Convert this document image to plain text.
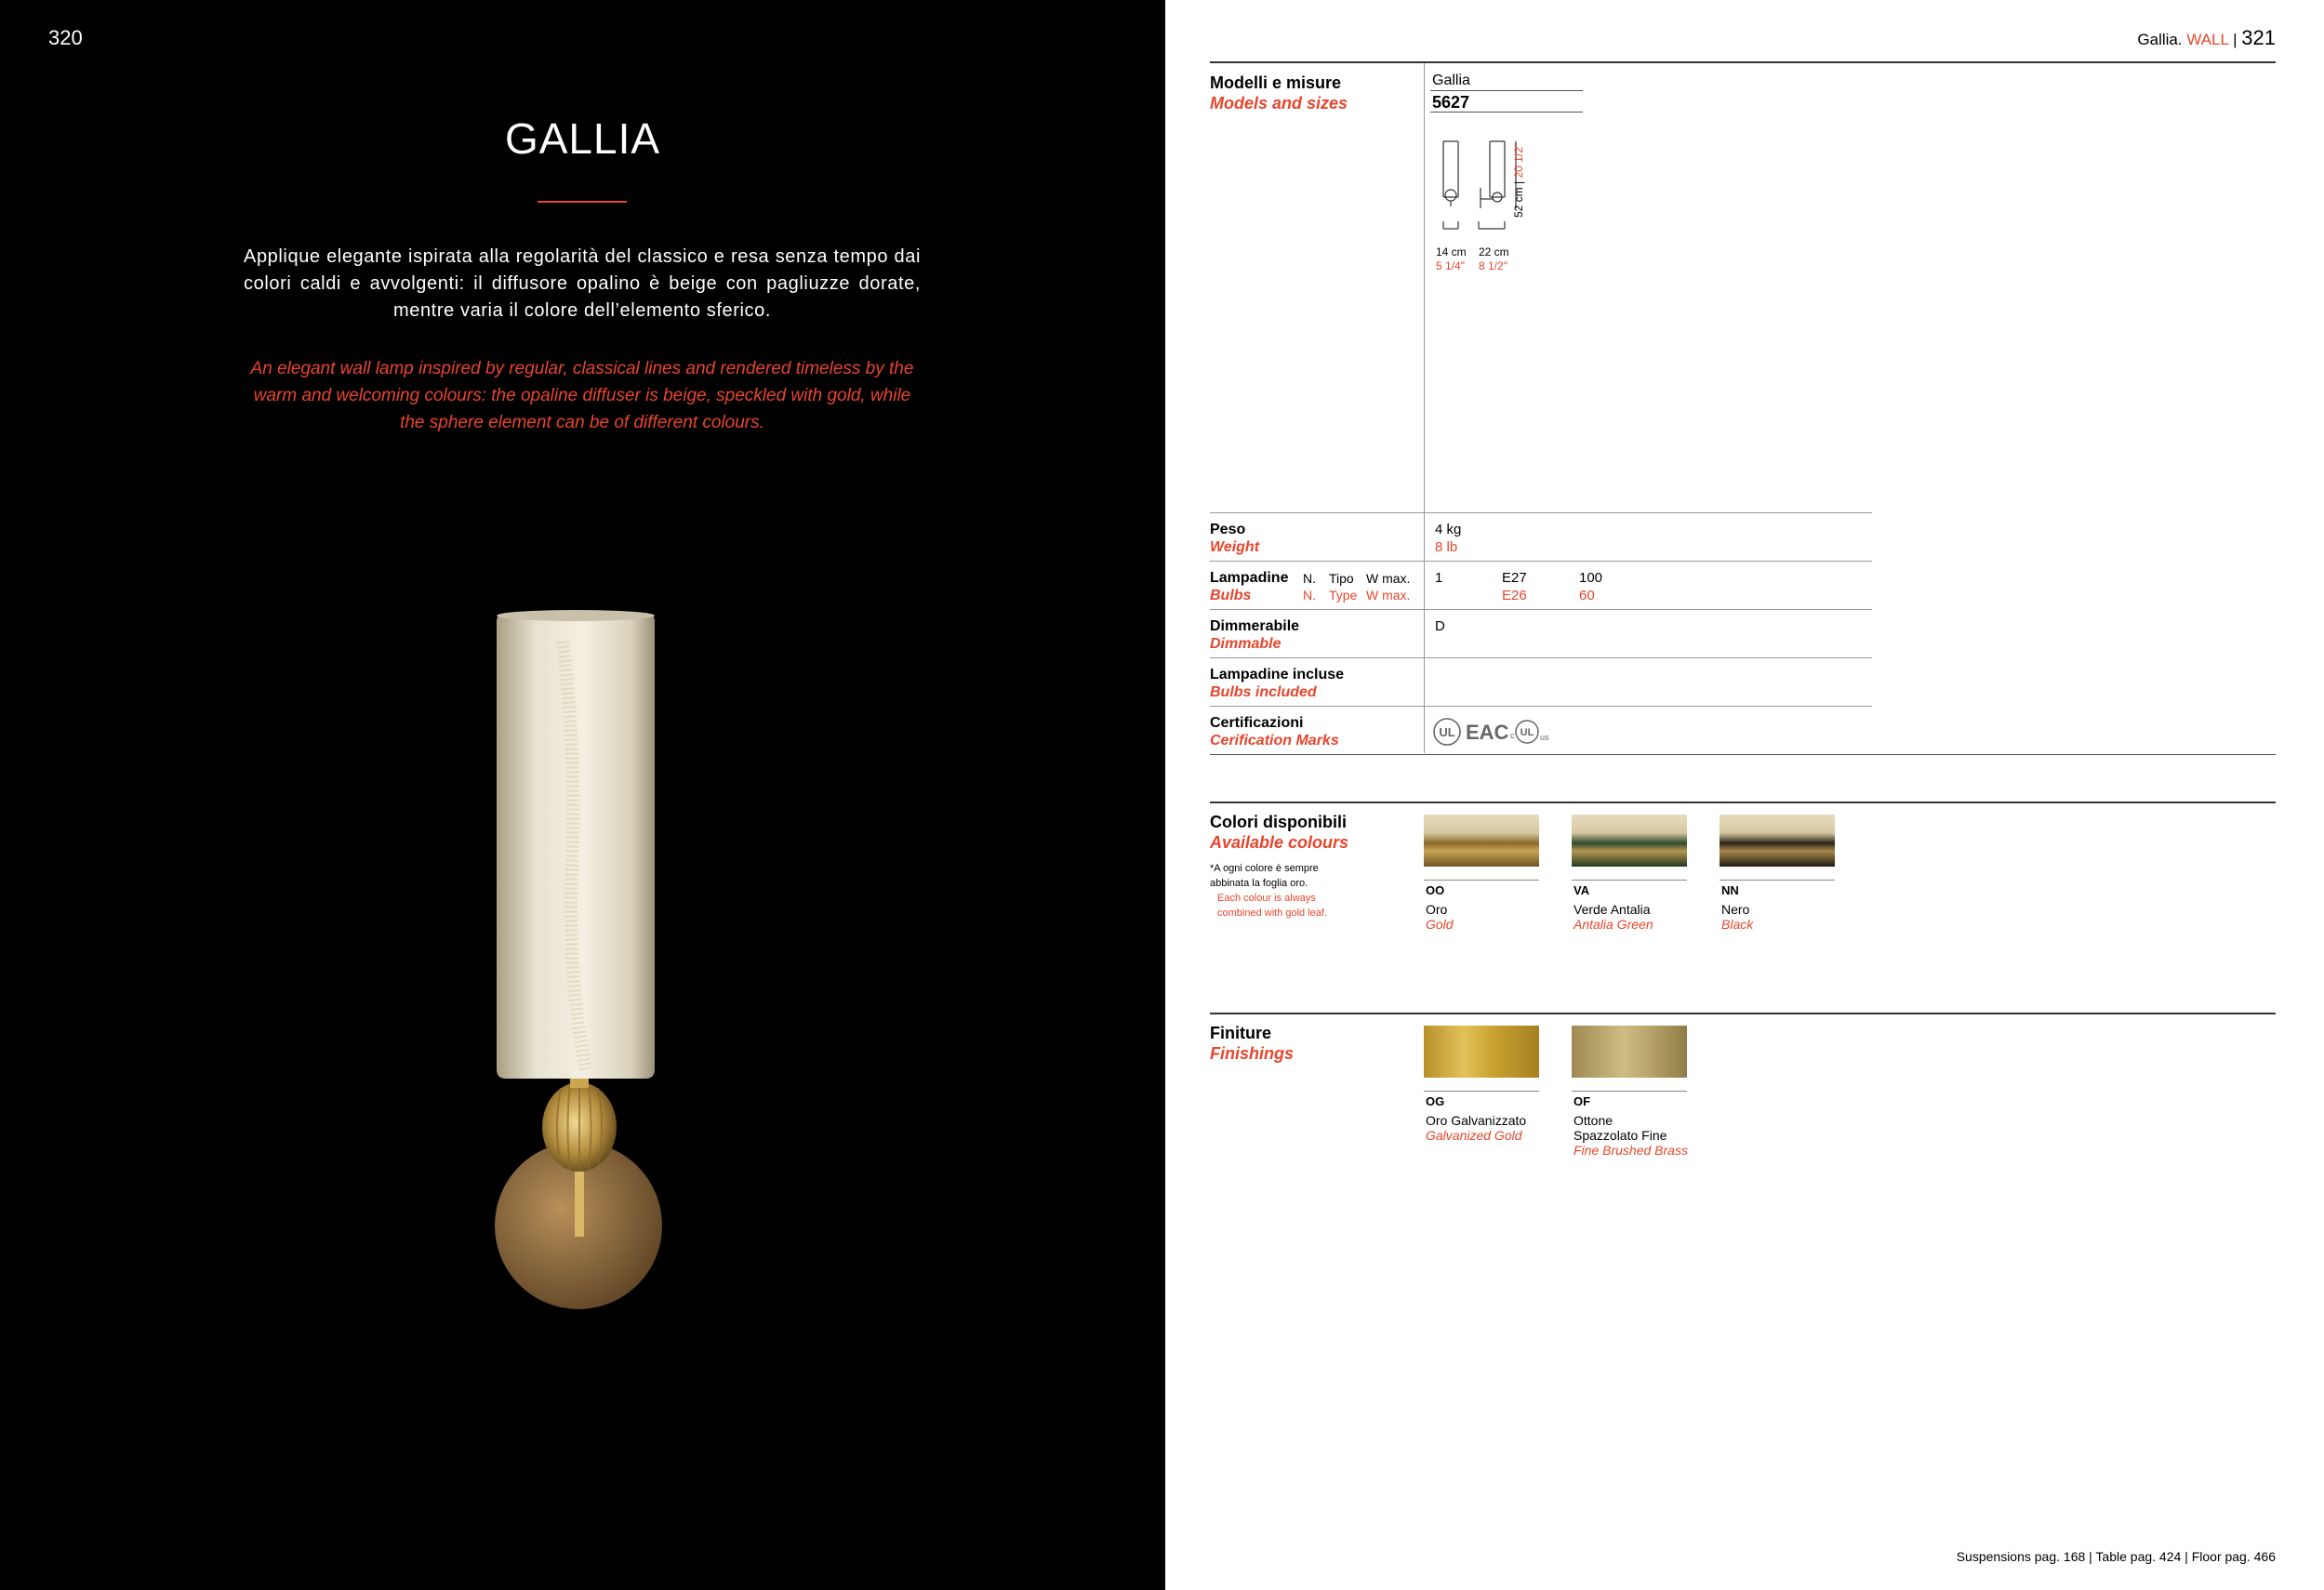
320
GALLIA

Applique elegante ispirata alla regolarità del classico e resa senza tempo dai colori caldi e avvolgenti: il diffusore opalino è beige con pagliuzze dorate, mentre varia il colore dell’elemento sferico.

An elegant wall lamp inspired by regular, classical lines and rendered timeless by the warm and welcoming colours: the opaline diffuser is beige, speckled with gold, while the sphere element can be of different colours.

Gallia. WALL | 321
Modelli e misure
Models and sizes
Gallia
5627
52 cm | 20 1/2"
14 cm
5 1/4"
22 cm
8 1/2"
Peso
Weight
4 kg
8 lb
Lampadine
Bulbs
N.
N.
Tipo
Type
W max.
W max.
1	E27
E26
100
60
Dimmerabile
Dimmable
D
Lampadine incluse
Bulbs included
Certificazioni
Cerification Marks
UL EAC c UL us
Colori disponibili
Available colours
*A ogni colore è sempre abbinata la foglia oro.
Each colour is always combined with gold leaf.
OO
Oro
Gold
VA
Verde Antalia
Antalia Green
NN
Nero
Black
Finiture
Finishings
OG
Oro Galvanizzato
Galvanized Gold
OF
Ottone
Spazzolato Fine
Fine Brushed Brass
Suspensions pag. 168 | Table pag. 424 | Floor pag. 466
